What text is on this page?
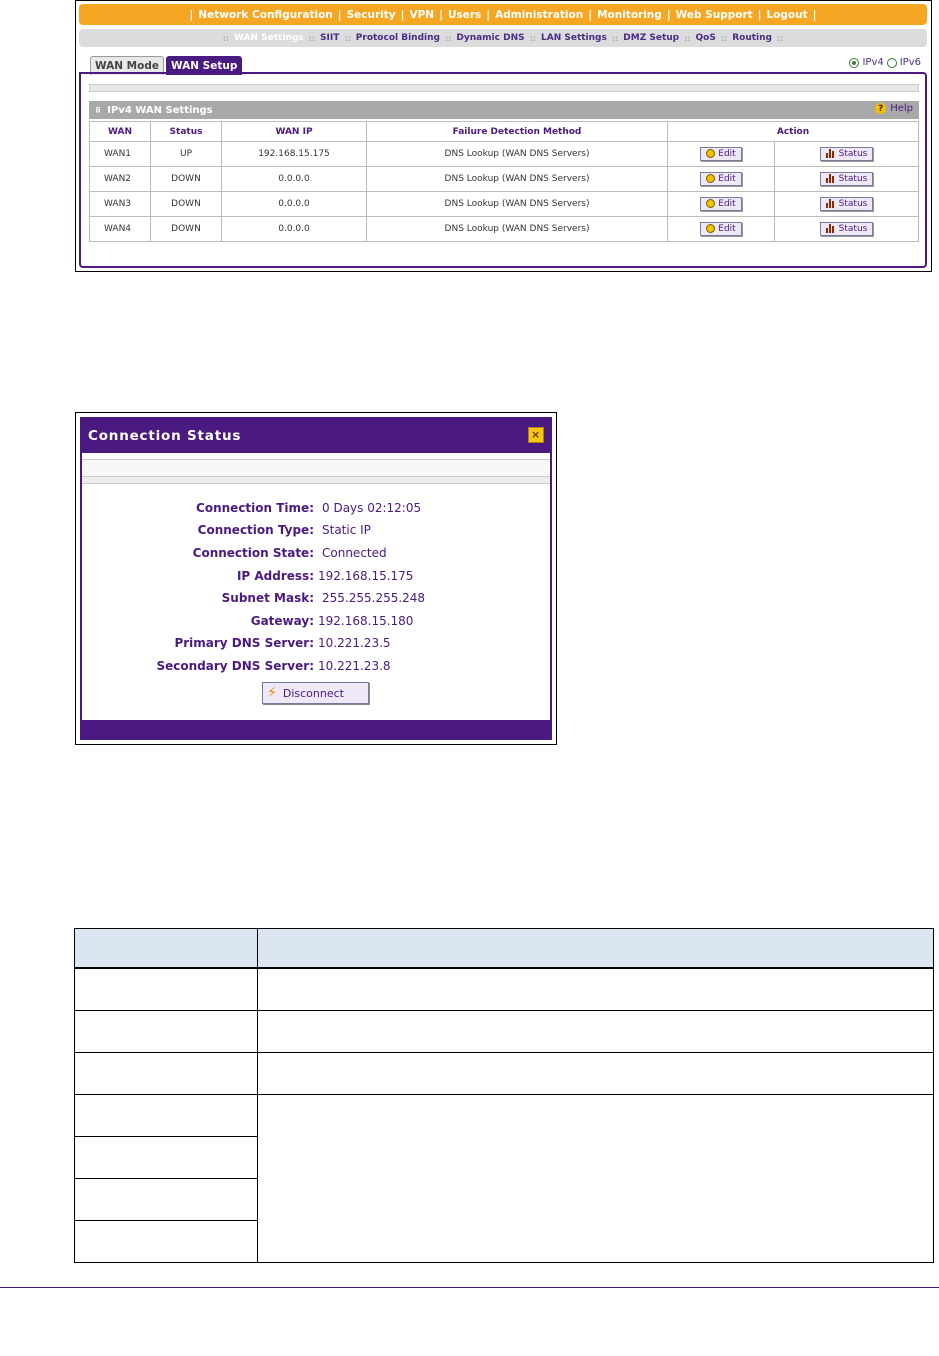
| Network Configuration | Security | VPN | Users | Administration | Monitoring | Web Support | Logout |
:: WAN Settings :: SIIT :: Protocol Binding :: Dynamic DNS :: LAN Settings :: DMZ Setup :: QoS :: Routing ::
WAN Mode	WAN Setup	IPv4 IPv6
⠿ IPv4 WAN Settings	? Help
WAN	Status	WAN IP	Failure Detection Method	Action	
WAN1	UP	192.168.15.175	DNS Lookup (WAN DNS Servers)	Edit	Status

WAN2	DOWN	0.0.0.0	DNS Lookup (WAN DNS Servers)	Edit	Status

WAN3	DOWN	0.0.0.0	DNS Lookup (WAN DNS Servers)	Edit	Status

WAN4	DOWN	0.0.0.0	DNS Lookup (WAN DNS Servers)	Edit	Status
Connection Status	×
Connection Time: 0 Days 02:12:05
Connection Type: Static IP
Connection State: Connected
IP Address: 192.168.15.175
Subnet Mask: 255.255.255.248
Gateway: 192.168.15.180
Primary DNS Server: 10.221.23.5
Secondary DNS Server: 10.221.23.8
⚡ Disconnect
